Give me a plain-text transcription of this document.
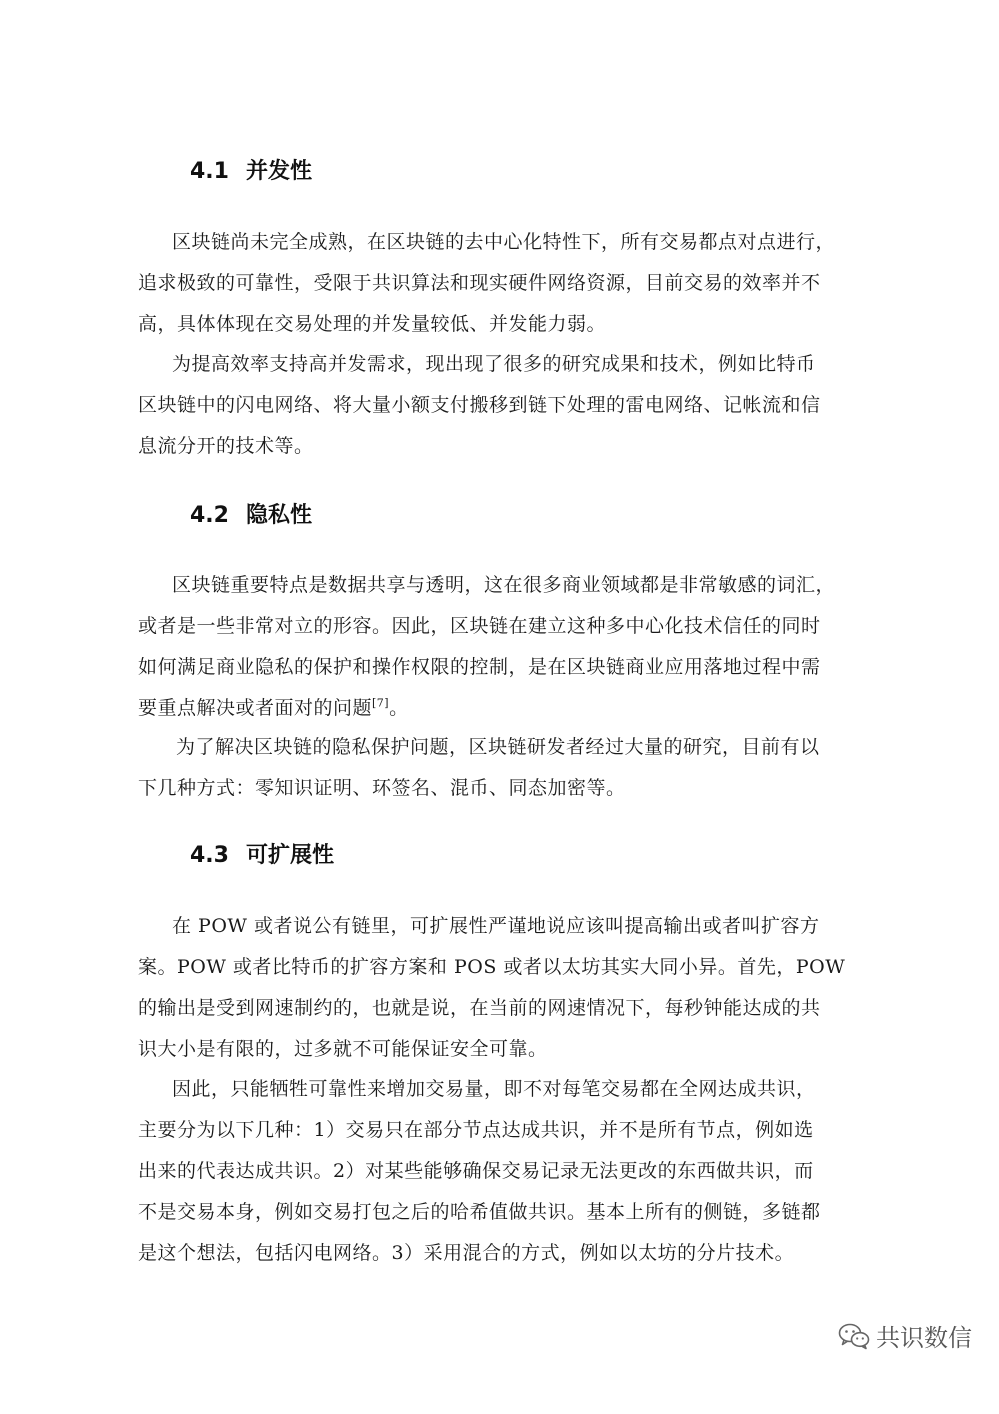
4.1 并发性
区块链尚未完全成熟，在区块链的去中心化特性下，所有交易都点对点进行，
追求极致的可靠性，受限于共识算法和现实硬件网络资源，目前交易的效率并不
高，具体体现在交易处理的并发量较低、并发能力弱。
为提高效率支持高并发需求，现出现了很多的研究成果和技术，例如比特币
区块链中的闪电网络、将大量小额支付搬移到链下处理的雷电网络、记帐流和信
息流分开的技术等。
4.2 隐私性
区块链重要特点是数据共享与透明，这在很多商业领域都是非常敏感的词汇，
或者是一些非常对立的形容。因此，区块链在建立这种多中心化技术信任的同时
如何满足商业隐私的保护和操作权限的控制，是在区块链商业应用落地过程中需
要重点解决或者面对的问题[7]。
为了解决区块链的隐私保护问题，区块链研发者经过大量的研究，目前有以
下几种方式：零知识证明、环签名、混币、同态加密等。
4.3 可扩展性
在 POW 或者说公有链里，可扩展性严谨地说应该叫提高输出或者叫扩容方
案。POW 或者比特币的扩容方案和 POS 或者以太坊其实大同小异。首先，POW
的输出是受到网速制约的，也就是说，在当前的网速情况下，每秒钟能达成的共
识大小是有限的，过多就不可能保证安全可靠。
因此，只能牺牲可靠性来增加交易量，即不对每笔交易都在全网达成共识，
主要分为以下几种：1）交易只在部分节点达成共识，并不是所有节点，例如选
出来的代表达成共识。2）对某些能够确保交易记录无法更改的东西做共识，而
不是交易本身，例如交易打包之后的哈希值做共识。基本上所有的侧链，多链都
是这个想法，包括闪电网络。3）采用混合的方式，例如以太坊的分片技术。
共识数信
